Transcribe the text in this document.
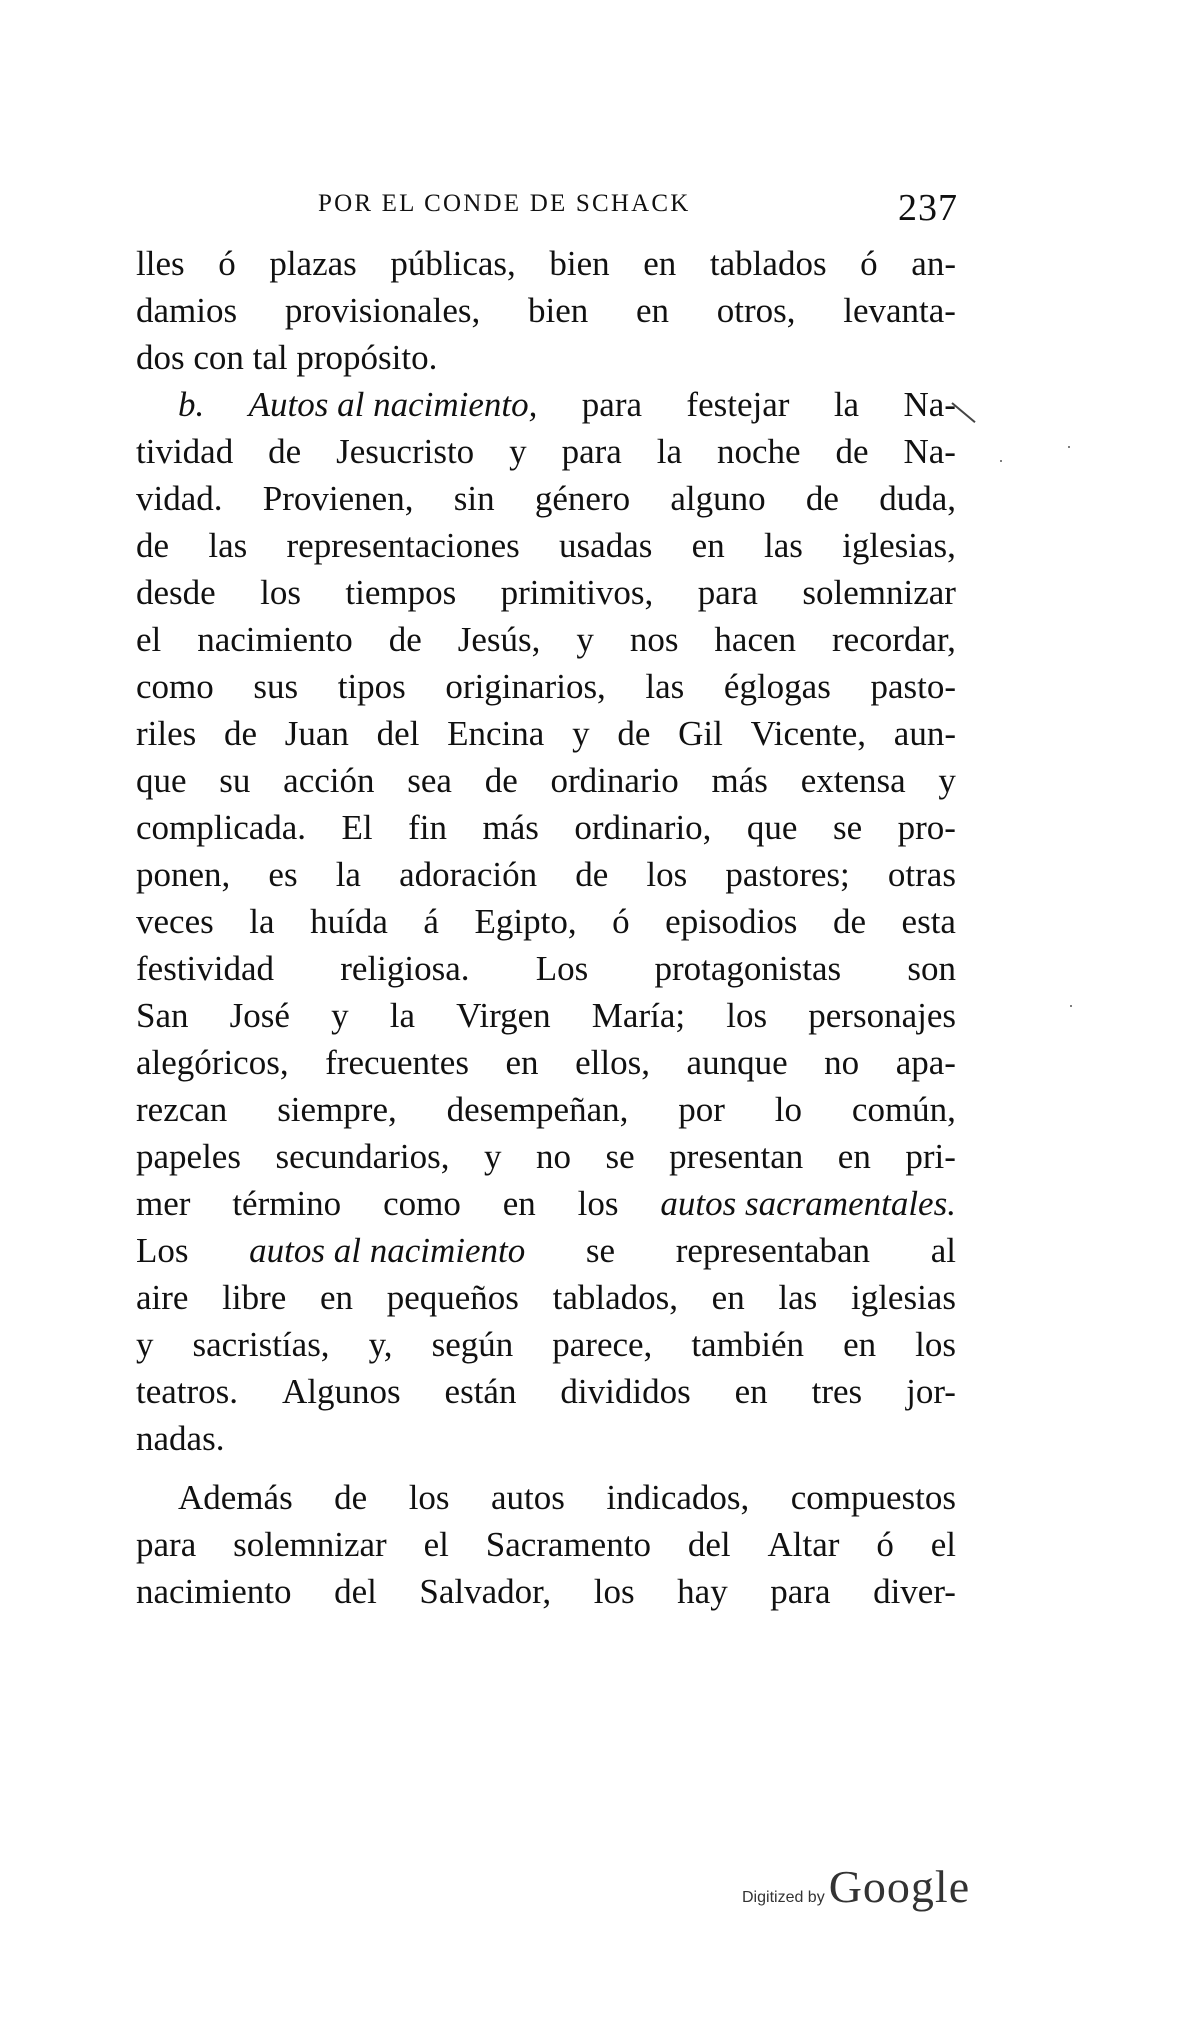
POR EL CONDE DE SCHACK	237
lles ó plazas públicas, bien en tablados ó an-
damios provisionales, bien en otros, levanta-
dos
con
tal
propósito.
b. Autos al nacimiento, para festejar la Na-
tividad de Jesucristo y para la noche de Na-
vidad. Provienen, sin género alguno de duda,
de las representaciones usadas en las iglesias,
desde los tiempos primitivos, para solemnizar
el nacimiento de Jesús, y nos hacen recordar,
como sus tipos originarios, las églogas pasto-
riles de Juan del Encina y de Gil Vicente, aun-
que su acción sea de ordinario más extensa y
complicada. El fin más ordinario, que se pro-
ponen, es la adoración de los pastores; otras
veces la huída á Egipto, ó episodios de esta
festividad religiosa. Los protagonistas son
San José y la Virgen María; los personajes
alegóricos, frecuentes en ellos, aunque no apa-
rezcan siempre, desempeñan, por lo común,
papeles secundarios, y no se presentan en pri-
mer término como en los autos sacramentales.
Los autos al nacimiento se representaban al
aire libre en pequeños tablados, en las iglesias
y sacristías, y, según parece, también en los
teatros. Algunos están divididos en tres jor-
nadas.
Además de los autos indicados, compuestos
para solemnizar el Sacramento del Altar ó el
nacimiento del Salvador, los hay para diver-
Digitized by Google
